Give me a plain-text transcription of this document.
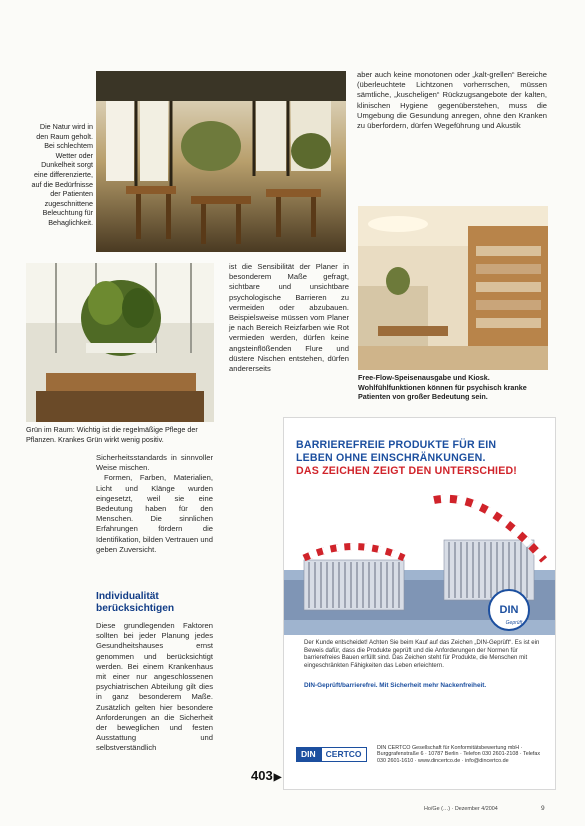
Die Natur wird in den Raum geholt. Bei schlechtem Wetter oder Dunkelheit sorgt eine differenzierte, auf die Bedürfnisse der Patienten zugeschnittene Beleuchtung für Behaglichkeit.

aber auch keine monotonen oder „kalt-grellen“ Bereiche (überleuchtete Lichtzonen vorherrschen, müssen sämtliche, „kuscheligen“ Rückzugsangebote der kalten, klinischen Hygiene gegenüberstehen, muss die Umgebung die Gesundung anregen, ohne den Kranken zu überfordern, dürfen Wegeführung und Akustik

Free-Flow-Speisenausgabe und Kiosk. Wohlfühlfunktionen können für psychisch kranke Patienten von großer Bedeutung sein.

ist die Sensibilität der Planer in besonderem Maße gefragt, sichtbare und unsichtbare psychologische Barrieren zu vermeiden oder abzubauen. Beispielsweise müssen vom Planer je nach Bereich Reizfarben wie Rot vermieden werden, dürfen keine angsteinflößenden Flure und düstere Nischen entstehen, dürfen andererseits

Grün im Raum: Wichtig ist die regelmäßige Pflege der Pflanzen. Krankes Grün wirkt wenig positiv.

Sicherheitsstandards in sinnvoller Weise mischen.

Formen, Farben, Materialien, Licht und Klänge wurden eingesetzt, weil sie eine Bedeutung haben für den Menschen. Die sinnlichen Erfahrungen fördern die Identifikation, bilden Vertrauen und geben Zuversicht.

Individualität berücksichtigen

Diese grundlegenden Faktoren sollten bei jeder Planung jedes Gesundheitshauses ernst genommen und berücksichtigt werden. Bei einem Krankenhaus mit einer nur angeschlossenen psychiatrischen Abteilung gilt dies in ganz besonderem Maße. Zusätzlich gelten hier besondere Anforderungen an die Sicherheit der beweglichen und festen Ausstattung und selbstverständlich

BARRIEREFREIE PRODUKTE FÜR EIN
LEBEN OHNE EINSCHRÄNKUNGEN.
DAS ZEICHEN ZEIGT DEN UNTERSCHIED!
DIN
Geprüft
Der Kunde entscheidet! Achten Sie beim Kauf auf das Zeichen „DIN-Geprüft“. Es ist ein Beweis dafür, dass die Produkte geprüft und die Anforderungen der Normen für barrierefreies Bauen erfüllt sind. Das Zeichen steht für Produkte, die Menschen mit eingeschränkten Fähigkeiten das Leben erleichtern.
DIN-Geprüft/barrierefrei. Mit Sicherheit mehr Nackenfreiheit.
DIN CERTCO
DIN CERTCO Gesellschaft für Konformitätsbewertung mbH · Burggrafenstraße 6 · 10787 Berlin · Telefon 030 2601-2108 · Telefax 030 2601-1610 · www.dincertco.de · info@dincertco.de
403▶
Ho/Ge (…) · Dezember 4/2004	9
